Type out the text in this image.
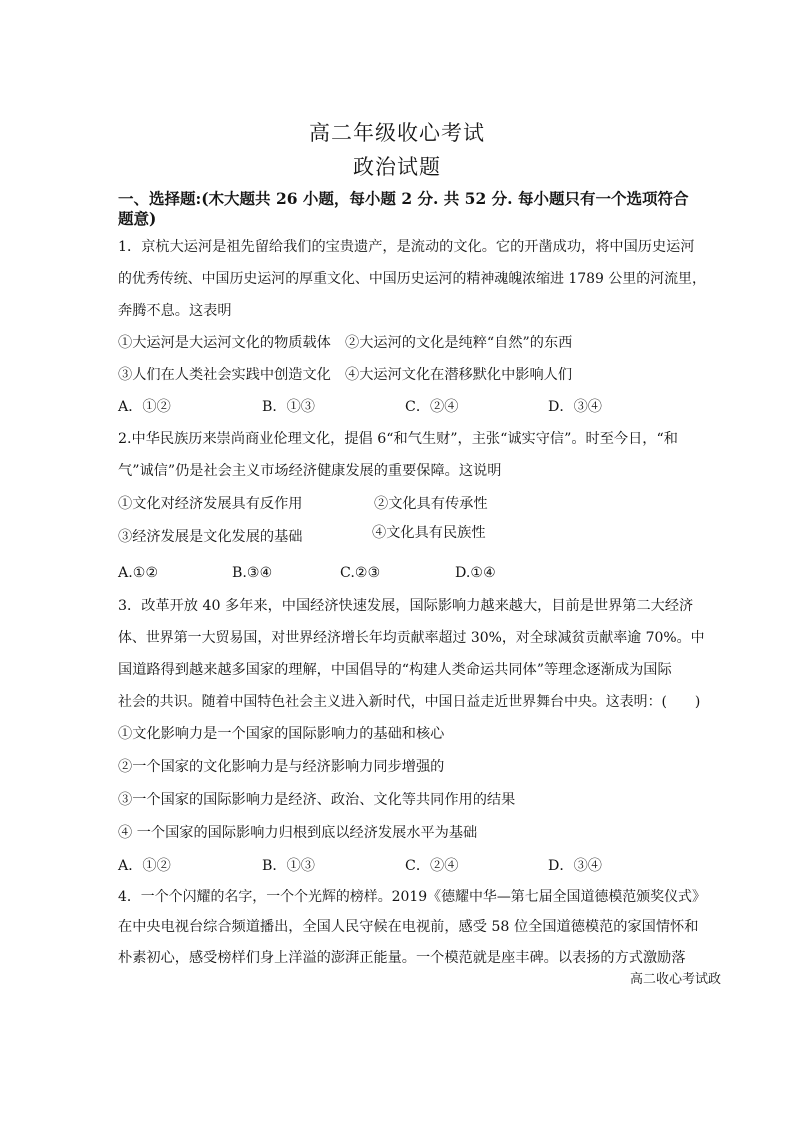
高二年级收心考试
政治试题
一、选择题:(木大题共 26 小题，每小题 2 分. 共 52 分. 每小题只有一个选项符合
题意)
1．京杭大运河是祖先留给我们的宝贵遗产，是流动的文化。它的开凿成功，将中国历史运河
的优秀传统、中国历史运河的厚重文化、中国历史运河的精神魂魄浓缩进 1789 公里的河流里，
奔腾不息。这表明
①大运河是大运河文化的物质载体　②大运河的文化是纯粹“自然”的东西
③人们在人类社会实践中创造文化　④大运河文化在潜移默化中影响人们
A．①②	B．①③	C．②④	D．③④
2.中华民族历来崇尚商业伦理文化，提倡 6“和气生财”，主张“诚实守信”。时至今日，“和
气”诚信”仍是社会主义市场经济健康发展的重要保障。这说明
①文化对经济发展具有反作用	②文化具有传承性
③经济发展是文化发展的基础	④文化具有民族性
A.①②	B.③④	C.②③	D.①④
3．改革开放 40 多年来，中国经济快速发展，国际影响力越来越大，目前是世界第二大经济
体、世界第一大贸易国，对世界经济增长年均贡献率超过 30%，对全球减贫贡献率逾 70%。中
国道路得到越来越多国家的理解，中国倡导的“构建人类命运共同体”等理念逐渐成为国际
社会的共识。随着中国特色社会主义进入新时代，中国日益走近世界舞台中央。这表明：(　　)
①文化影响力是一个国家的国际影响力的基础和核心
②一个国家的文化影响力是与经济影响力同步增强的
③一个国家的国际影响力是经济、政治、文化等共同作用的结果
④ 一个国家的国际影响力归根到底以经济发展水平为基础
A．①②	B．①③	C．②④	D．③④
4．一个个闪耀的名字，一个个光辉的榜样。2019《德耀中华—第七届全国道德模范颁奖仪式》
在中央电视台综合频道播出，全国人民守候在电视前，感受 58 位全国道德模范的家国情怀和
朴素初心，感受榜样们身上洋溢的澎湃正能量。一个模范就是座丰碑。以表扬的方式激励落
高二收心考试政
